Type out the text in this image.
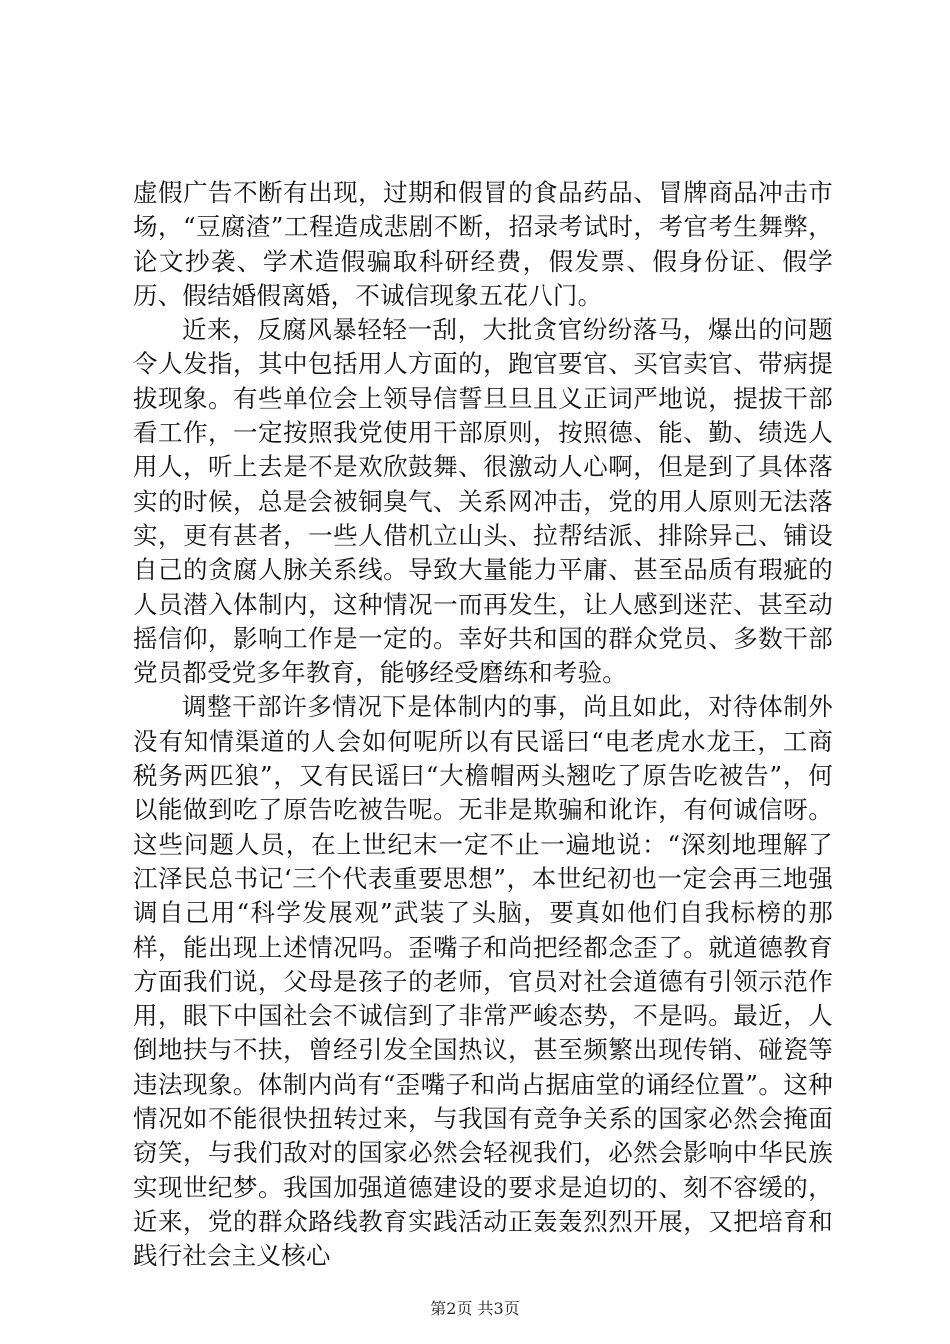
虚假广告不断有出现，过期和假冒的食品药品、冒牌商品冲击市场，“豆腐渣”工程造成悲剧不断，招录考试时，考官考生舞弊，论文抄袭、学术造假骗取科研经费，假发票、假身份证、假学历、假结婚假离婚，不诚信现象五花八门。

近来，反腐风暴轻轻一刮，大批贪官纷纷落马，爆出的问题令人发指，其中包括用人方面的，跑官要官、买官卖官、带病提拔现象。有些单位会上领导信誓旦旦且义正词严地说，提拔干部看工作，一定按照我党使用干部原则，按照德、能、勤、绩选人用人，听上去是不是欢欣鼓舞、很激动人心啊，但是到了具体落实的时候，总是会被铜臭气、关系网冲击，党的用人原则无法落实，更有甚者，一些人借机立山头、拉帮结派、排除异己、铺设自己的贪腐人脉关系线。导致大量能力平庸、甚至品质有瑕疵的人员潜入体制内，这种情况一而再发生，让人感到迷茫、甚至动摇信仰，影响工作是一定的。幸好共和国的群众党员、多数干部党员都受党多年教育，能够经受磨练和考验。

调整干部许多情况下是体制内的事，尚且如此，对待体制外没有知情渠道的人会如何呢所以有民谣曰“电老虎水龙王，工商税务两匹狼”，又有民谣曰“大檐帽两头翘吃了原告吃被告”，何以能做到吃了原告吃被告呢。无非是欺骗和讹诈，有何诚信呀。这些问题人员，在上世纪末一定不止一遍地说：“深刻地理解了江泽民总书记‘三个代表重要思想”，本世纪初也一定会再三地强调自己用“科学发展观”武装了头脑，要真如他们自我标榜的那样，能出现上述情况吗。歪嘴子和尚把经都念歪了。就道德教育方面我们说，父母是孩子的老师，官员对社会道德有引领示范作用，眼下中国社会不诚信到了非常严峻态势，不是吗。最近，人倒地扶与不扶，曾经引发全国热议，甚至频繁出现传销、碰瓷等违法现象。体制内尚有“歪嘴子和尚占据庙堂的诵经位置”。这种情况如不能很快扭转过来，与我国有竞争关系的国家必然会掩面窃笑，与我们敌对的国家必然会轻视我们，必然会影响中华民族实现世纪梦。我国加强道德建设的要求是迫切的、刻不容缓的，近来，党的群众路线教育实践活动正轰轰烈烈开展，又把培育和践行社会主义核心

第2页 共3页
